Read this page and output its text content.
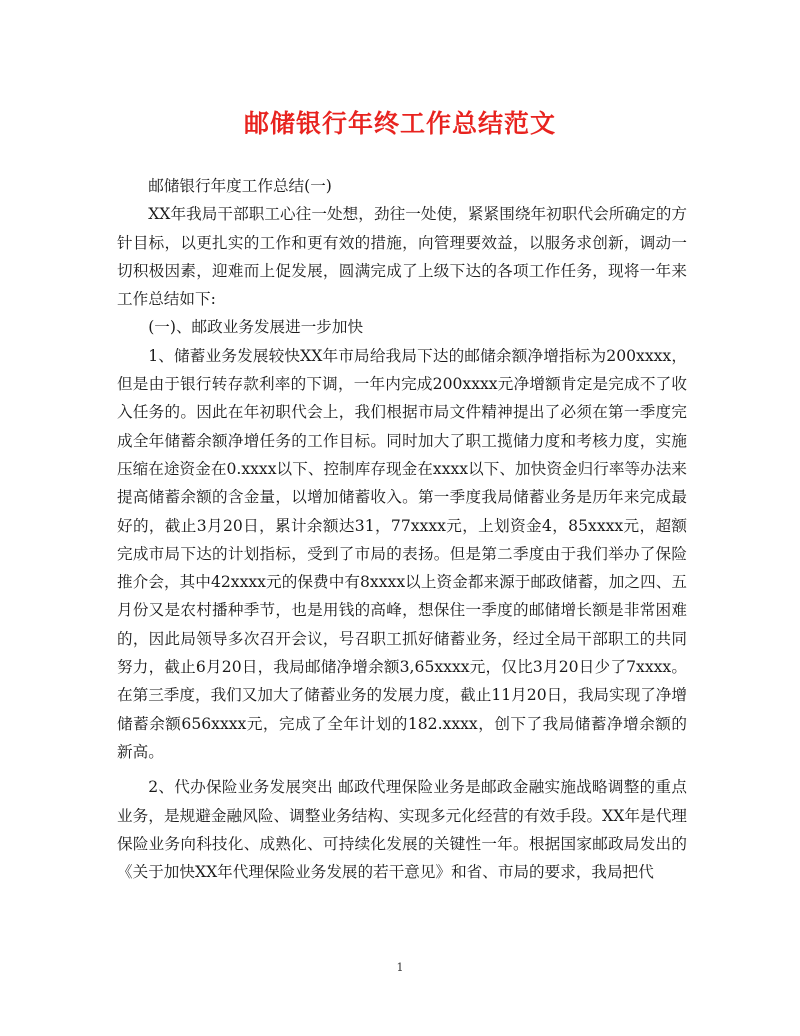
邮储银行年终工作总结范文

邮储银行年度工作总结(一)

XX年我局干部职工心往一处想，劲往一处使，紧紧围绕年初职代会所确定的方针目标，以更扎实的工作和更有效的措施，向管理要效益，以服务求创新，调动一切积极因素，迎难而上促发展，圆满完成了上级下达的各项工作任务，现将一年来工作总结如下:

(一)、邮政业务发展进一步加快

1、储蓄业务发展较快XX年市局给我局下达的邮储余额净增指标为200xxxx，但是由于银行转存款利率的下调，一年内完成200xxxx元净增额肯定是完成不了收入任务的。因此在年初职代会上，我们根据市局文件精神提出了必须在第一季度完成全年储蓄余额净增任务的工作目标。同时加大了职工揽储力度和考核力度，实施压缩在途资金在0.xxxx以下、控制库存现金在xxxx以下、加快资金归行率等办法来提高储蓄余额的含金量，以增加储蓄收入。第一季度我局储蓄业务是历年来完成最好的，截止3月20日，累计余额达31，77xxxx元，上划资金4，85xxxx元，超额完成市局下达的计划指标，受到了市局的表扬。但是第二季度由于我们举办了保险推介会，其中42xxxx元的保费中有8xxxx以上资金都来源于邮政储蓄，加之四、五月份又是农村播种季节，也是用钱的高峰，想保住一季度的邮储增长额是非常困难的，因此局领导多次召开会议，号召职工抓好储蓄业务，经过全局干部职工的共同努力，截止6月20日，我局邮储净增余额3,65xxxx元，仅比3月20日少了7xxxx。在第三季度，我们又加大了储蓄业务的发展力度，截止11月20日，我局实现了净增储蓄余额656xxxx元，完成了全年计划的182.xxxx，创下了我局储蓄净增余额的新高。

2、代办保险业务发展突出 邮政代理保险业务是邮政金融实施战略调整的重点业务，是规避金融风险、调整业务结构、实现多元化经营的有效手段。XX年是代理保险业务向科技化、成熟化、可持续化发展的关键性一年。根据国家邮政局发出的《关于加快XX年代理保险业务发展的若干意见》和省、市局的要求，我局把代

1
